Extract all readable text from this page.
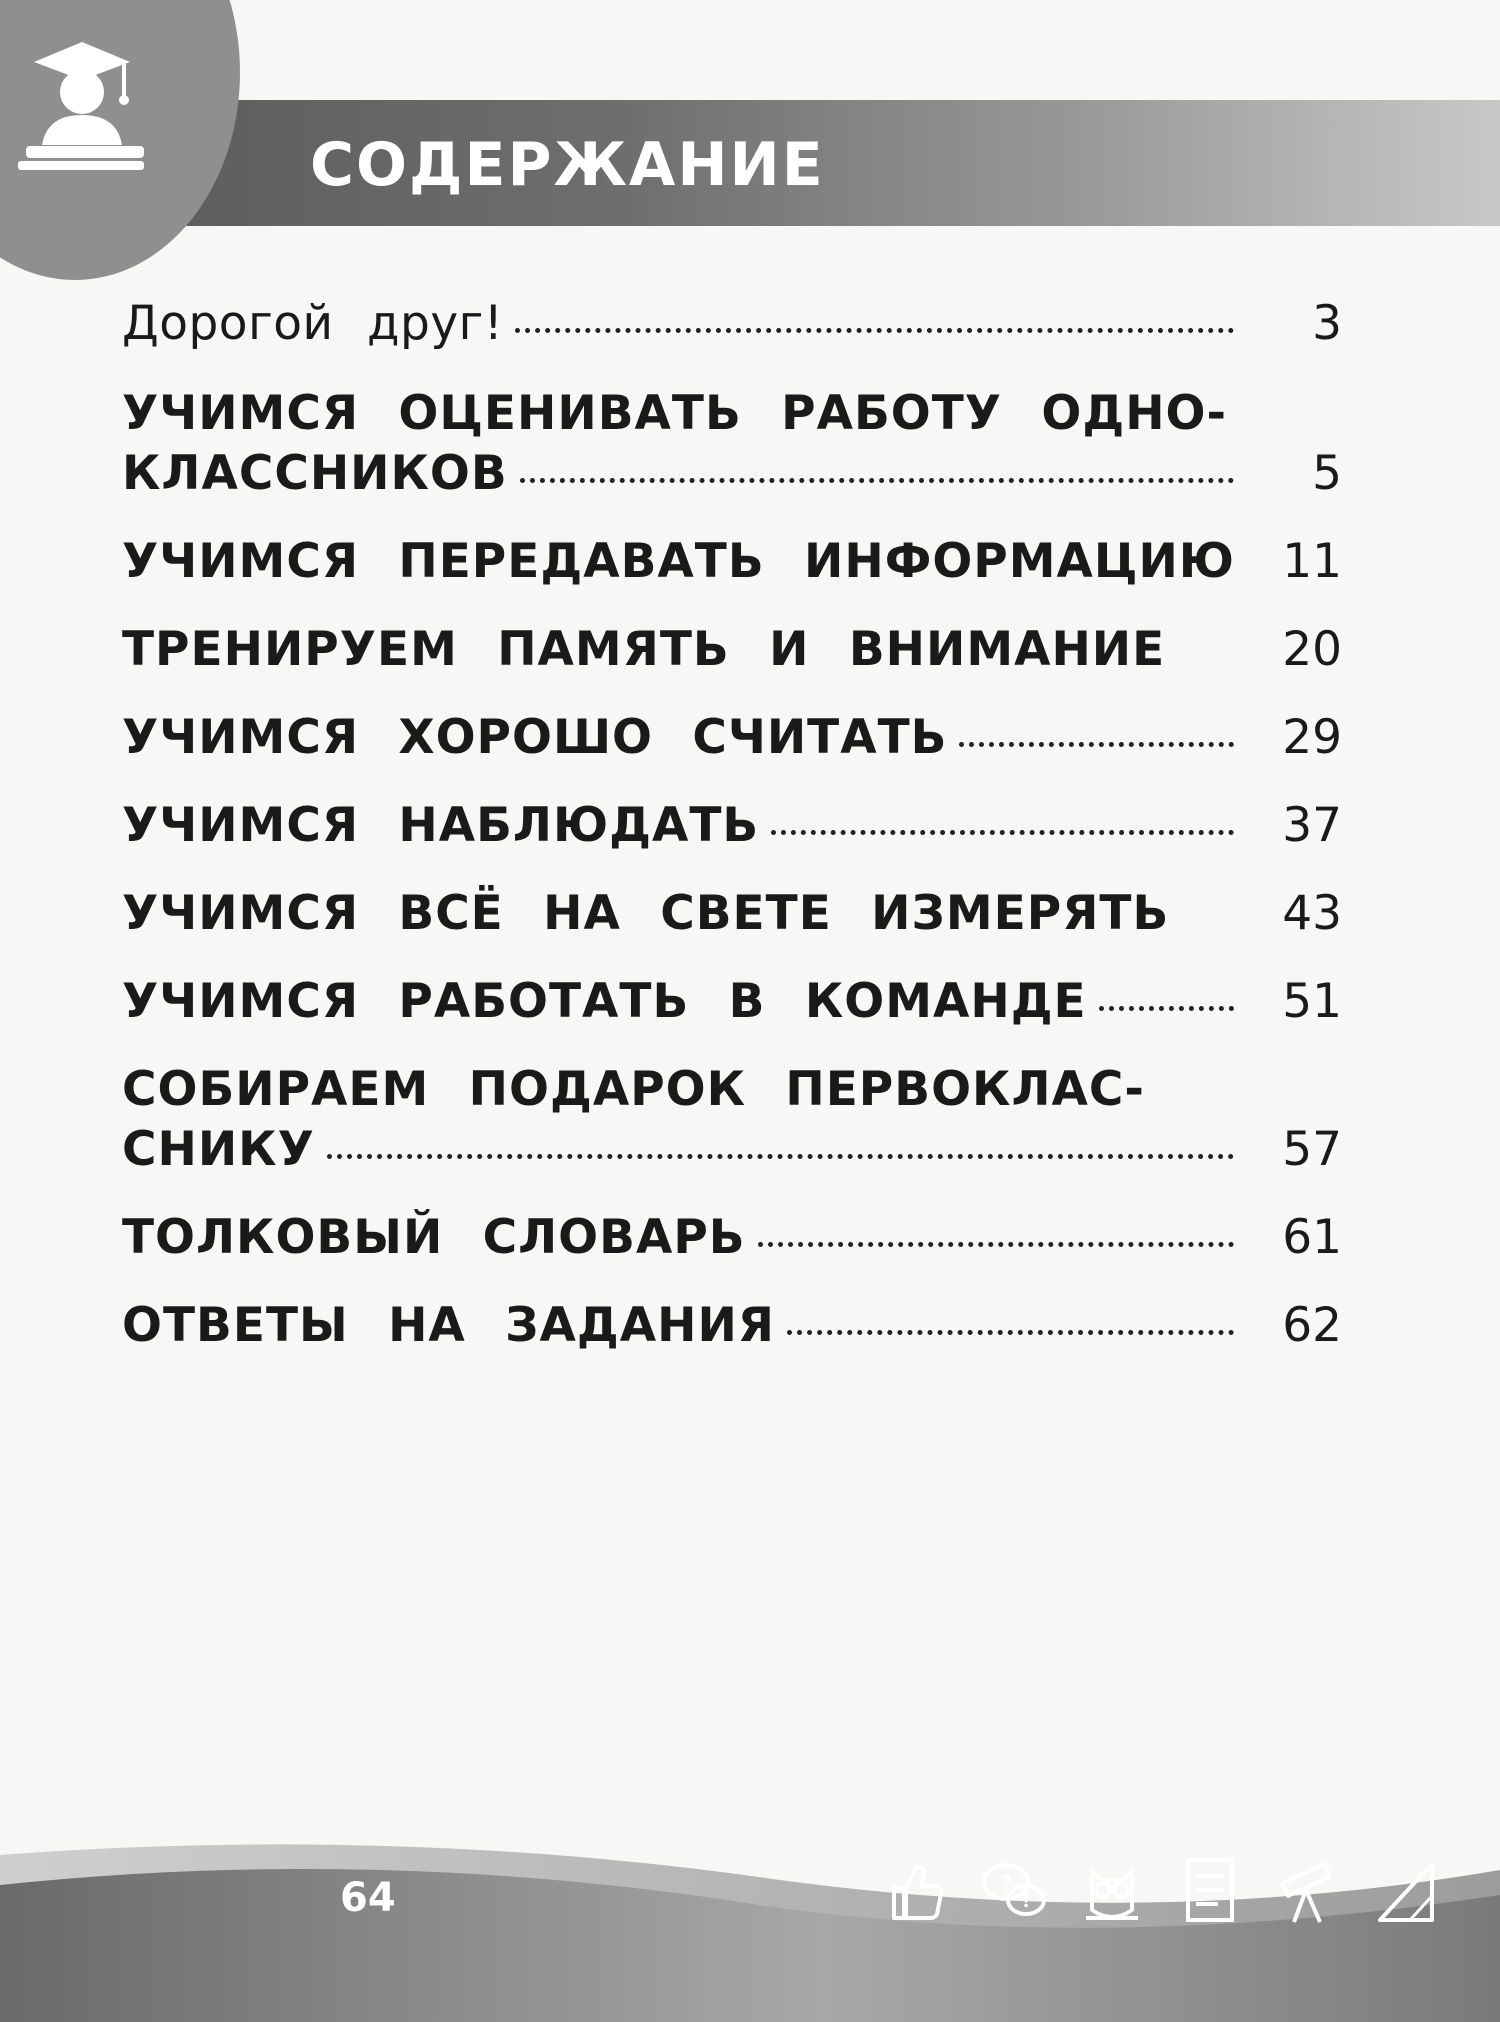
СОДЕРЖАНИЕ
Дорогой друг!	3
УЧИМСЯ ОЦЕНИВАТЬ РАБОТУ ОДНО-
КЛАССНИКОВ	5
УЧИМСЯ ПЕРЕДАВАТЬ ИНФОРМАЦИЮ	11
ТРЕНИРУЕМ ПАМЯТЬ И ВНИМАНИЕ	20
УЧИМСЯ ХОРОШО СЧИТАТЬ	29
УЧИМСЯ НАБЛЮДАТЬ	37
УЧИМСЯ ВСЁ НА СВЕТЕ ИЗМЕРЯТЬ	43
УЧИМСЯ РАБОТАТЬ В КОМАНДЕ	51
СОБИРАЕМ ПОДАРОК ПЕРВОКЛАС-
СНИКУ	57
ТОЛКОВЫЙ СЛОВАРЬ	61
ОТВЕТЫ НА ЗАДАНИЯ	62
64	?
!
